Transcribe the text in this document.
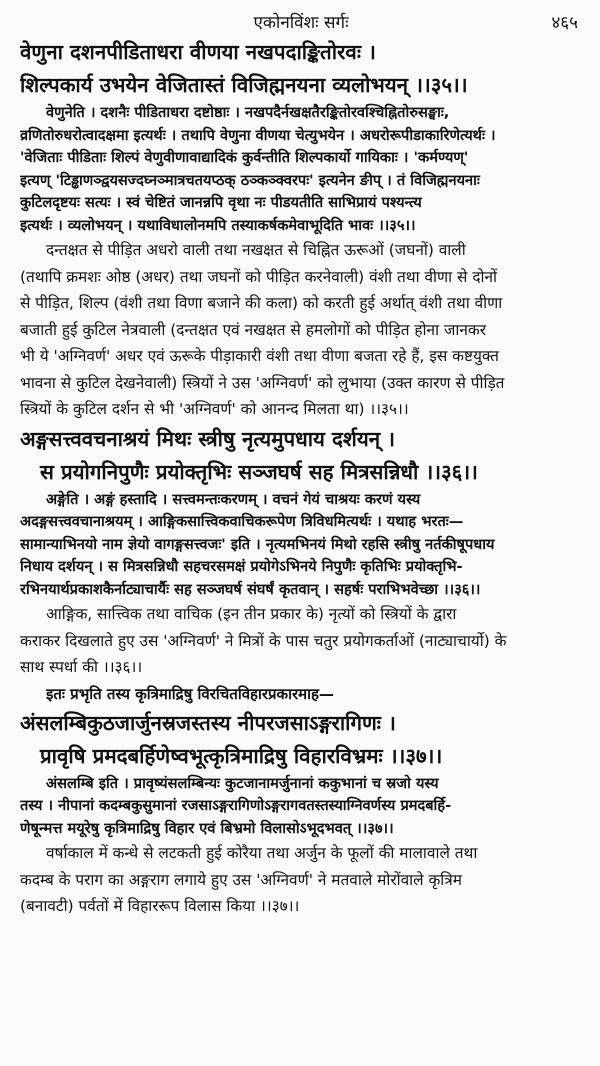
एकोनविंशः सर्गः	४६५
वेणुना दशनपीडिताधरा वीणया नखपदाङ्कितोरवः ।
शिल्पकार्य उभयेन वेजितास्तं विजिह्मनयना व्यलोभयन् ।।३५।।
वेणुनेति । दशनैः पीडिताधरा दष्टोष्ठाः । नखपदैर्नखक्षतैरङ्कितोरवश्चिह्नितोरुसङ्घाः,
व्रणितोरुधरोत्वादक्षमा इत्यर्थः । तथापि वेणुना वीणया चेत्युभयेन । अधरोरूपीडाकारिणेत्यर्थः ।
'वेजिताः पीडिताः शिल्पं वेणुवीणावाद्यादिकं कुर्वन्तीति शिल्पकार्यो गायिकाः । 'कर्मण्यण्'
इत्यण् 'टिड्ढाणञ्द्वयसज्दघ्नञ्मात्रचतयप्ठक् ठञ्कञ्क्वरपः' इत्यनेन ङीप् । तं विजिह्मनयनाः
कुटिलदृष्टयः सत्यः । स्वं चेष्टितं जानन्नपि वृथा नः पीडयतीति साभिप्रायं पश्यन्त्य
इत्यर्थः । व्यलोभयन् । यथाविधालोनमपि तस्याकर्षकमेवाभूदिति भावः ।।३५।।
दन्तक्षत से पीड़ित अधरो वाली तथा नखक्षत से चिह्नित ऊरूओं (जघनों) वाली
(तथापि क्रमशः ओष्ठ (अधर) तथा जघनों को पीड़ित करनेवाली) वंशी तथा वीणा से दोनों
से पीड़ित, शिल्प (वंशी तथा विणा बजाने की कला) को करती हुई अर्थात् वंशी तथा वीणा
बजाती हुई कुटिल नेत्रवाली (दन्तक्षत एवं नखक्षत से हमलोगों को पीड़ित होना जानकर
भी ये 'अग्निवर्ण' अधर एवं ऊरूके पीड़ाकारी वंशी तथा वीणा बजता रहे हैं, इस कष्टयुक्त
भावना से कुटिल देखनेवाली) स्त्रियों ने उस 'अग्निवर्ण' को लुभाया (उक्त कारण से पीड़ित
स्त्रियों के कुटिल दर्शन से भी 'अग्निवर्ण' को आनन्द मिलता था) ।।३५।।
अङ्गसत्त्ववचनाश्रयं मिथः स्त्रीषु नृत्यमुपधाय दर्शयन् ।
स प्रयोगनिपुणैः प्रयोक्तृभिः सञ्जघर्ष सह मित्रसन्निधौ ।।३६।।
अङ्गेति । अङ्गं हस्तादि । सत्त्वमन्तःकरणम् । वचनं गेयं चाश्रयः करणं यस्य
अदङ्गसत्त्ववचानाश्रयम् । आङ्गिकसात्त्विकवाचिकरूपेण त्रिविधमित्यर्थः । यथाह भरतः—
सामान्याभिनयो नाम ज्ञेयो वागङ्गसत्त्वजः' इति । नृत्यमभिनयं मिथो रहसि स्त्रीषु नर्तकीषूपधाय
निधाय दर्शयन् । स मित्रसन्निधौ सहचरसमक्षं प्रयोगेऽभिनये निपुणैः कृतिभिः प्रयोक्तृभि-
रभिनयार्थप्रकाशकैर्नाट्याचार्यैः सह सञ्जघर्ष संघर्षं कृतवान् । सहर्षः पराभिभवेच्छा ।।३६।।
आङ्गिक, सात्त्विक तथा वाचिक (इन तीन प्रकार के) नृत्यों को स्त्रियों के द्वारा
कराकर दिखलाते हुए उस 'अग्निवर्ण' ने मित्रों के पास चतुर प्रयोगकर्ताओं (नाट्याचार्यो) के
साथ स्पर्धा की ।।३६।।
इतः प्रभृति तस्य कृत्रिमाद्रिषु विरचितविहारप्रकारमाह—
अंसलम्बिकुठजार्जुनस्रजस्तस्य नीपरजसाऽङ्गरागिणः ।
प्रावृषि प्रमदबर्हिणेष्वभूत्कृत्रिमाद्रिषु विहारविभ्रमः ।।३७।।
अंसलम्बि इति । प्रावृष्यंसलम्बिन्यः कुटजानामर्जुनानां ककुभानां च स्रजो यस्य
तस्य । नीपानां कदम्बकुसुमानां रजसाऽङ्गरागिणोऽङ्गरागवतस्तस्याग्निवर्णस्य प्रमदबर्हि-
णेषून्मत्त मयूरेषु कृत्रिमाद्रिषु विहार एवं बिभ्रमो विलासोऽभूदभवत् ।।३७।।
वर्षाकाल में कन्धे से लटकती हुई कोरैया तथा अर्जुन के फूलों की मालावाले तथा
कदम्ब के पराग का अङ्गराग लगाये हुए उस 'अग्निवर्ण' ने मतवाले मोरोंवाले कृत्रिम
(बनावटी) पर्वतों में विहाररूप विलास किया ।।३७।।
